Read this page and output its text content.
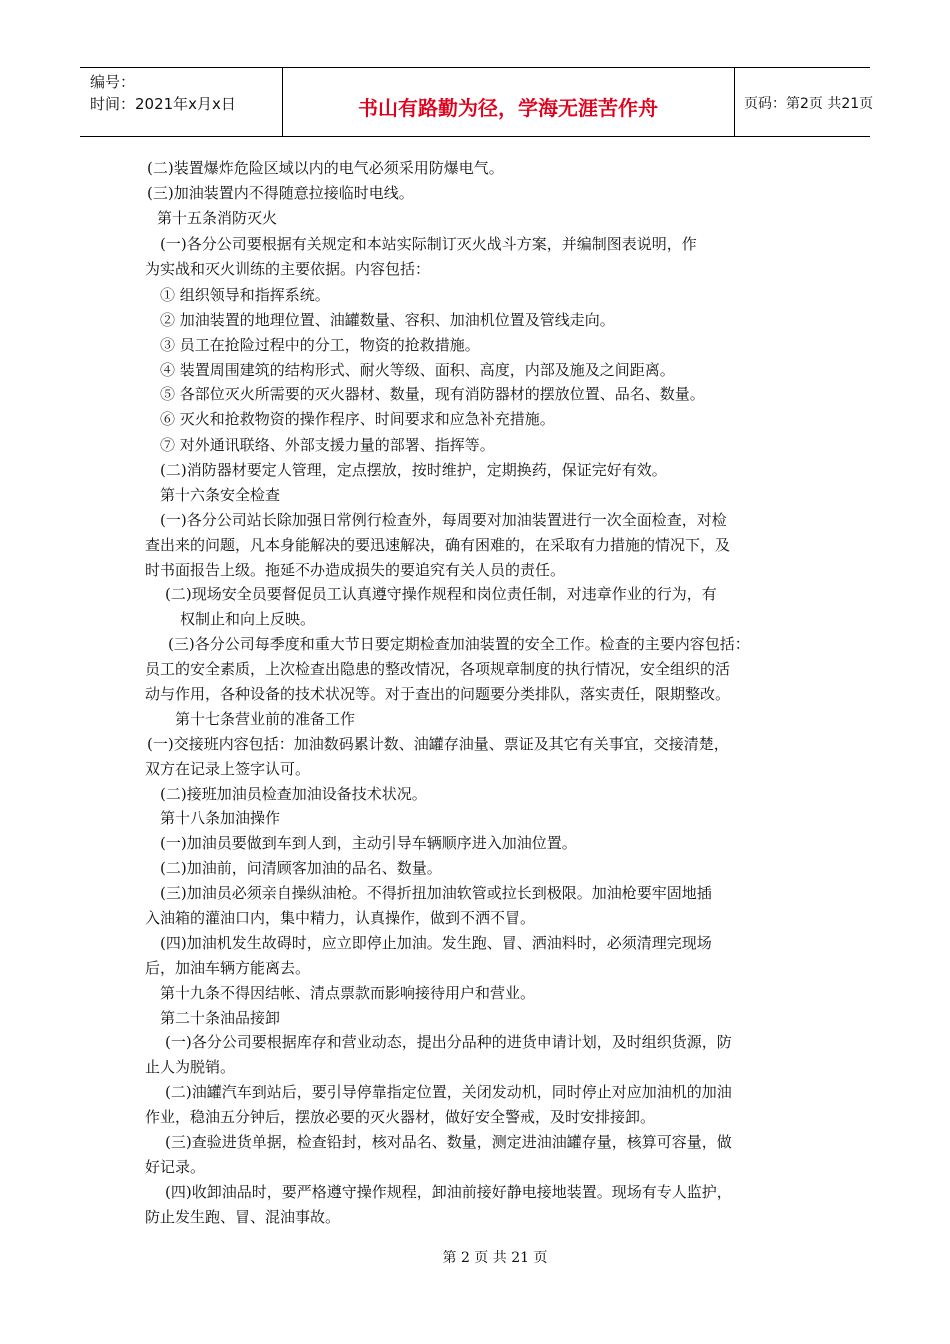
编号：
时间：2021年x月x日	书山有路勤为径，学海无涯苦作舟	页码：第2页 共21页
(二)装置爆炸危险区域以内的电气必须采用防爆电气。
(三)加油装置内不得随意拉接临时电线。
第十五条消防灭火
(一)各分公司要根据有关规定和本站实际制订灭火战斗方案，并编制图表说明，作
为实战和灭火训练的主要依据。内容包括：
① 组织领导和指挥系统。
② 加油装置的地理位置、油罐数量、容积、加油机位置及管线走向。
③ 员工在抢险过程中的分工，物资的抢救措施。
④ 装置周围建筑的结构形式、耐火等级、面积、高度，内部及施及之间距离。
⑤ 各部位灭火所需要的灭火器材、数量，现有消防器材的摆放位置、品名、数量。
⑥ 灭火和抢救物资的操作程序、时间要求和应急补充措施。
⑦ 对外通讯联络、外部支援力量的部署、指挥等。
(二)消防器材要定人管理，定点摆放，按时维护，定期换药，保证完好有效。
第十六条安全检查
(一)各分公司站长除加强日常例行检查外，每周要对加油装置进行一次全面检查，对检
查出来的问题，凡本身能解决的要迅速解决，确有困难的，在采取有力措施的情况下，及
时书面报告上级。拖延不办造成损失的要追究有关人员的责任。
(二)现场安全员要督促员工认真遵守操作规程和岗位责任制，对违章作业的行为，有
权制止和向上反映。
(三)各分公司每季度和重大节日要定期检查加油装置的安全工作。检查的主要内容包括：
员工的安全素质，上次检查出隐患的整改情况，各项规章制度的执行情况，安全组织的活
动与作用，各种设备的技术状况等。对于查出的问题要分类排队，落实责任，限期整改。
第十七条营业前的准备工作
(一)交接班内容包括：加油数码累计数、油罐存油量、票证及其它有关事宜，交接清楚，
双方在记录上签字认可。
(二)接班加油员检查加油设备技术状况。
第十八条加油操作
(一)加油员要做到车到人到，主动引导车辆顺序进入加油位置。
(二)加油前，问清顾客加油的品名、数量。
(三)加油员必须亲自操纵油枪。不得折扭加油软管或拉长到极限。加油枪要牢固地插
入油箱的灌油口内，集中精力，认真操作，做到不洒不冒。
(四)加油机发生故碍时，应立即停止加油。发生跑、冒、洒油料时，必须清理完现场
后，加油车辆方能离去。
第十九条不得因结帐、清点票款而影响接待用户和营业。
第二十条油品接卸
(一)各分公司要根据库存和营业动态，提出分品种的进货申请计划，及时组织货源，防
止人为脱销。
(二)油罐汽车到站后，要引导停靠指定位置，关闭发动机，同时停止对应加油机的加油
作业，稳油五分钟后，摆放必要的灭火器材，做好安全警戒，及时安排接卸。
(三)查验进货单据，检查铅封，核对品名、数量，测定进油油罐存量，核算可容量，做
好记录。
(四)收卸油品时，要严格遵守操作规程，卸油前接好静电接地装置。现场有专人监护，
防止发生跑、冒、混油事故。
第 2 页 共 21 页
